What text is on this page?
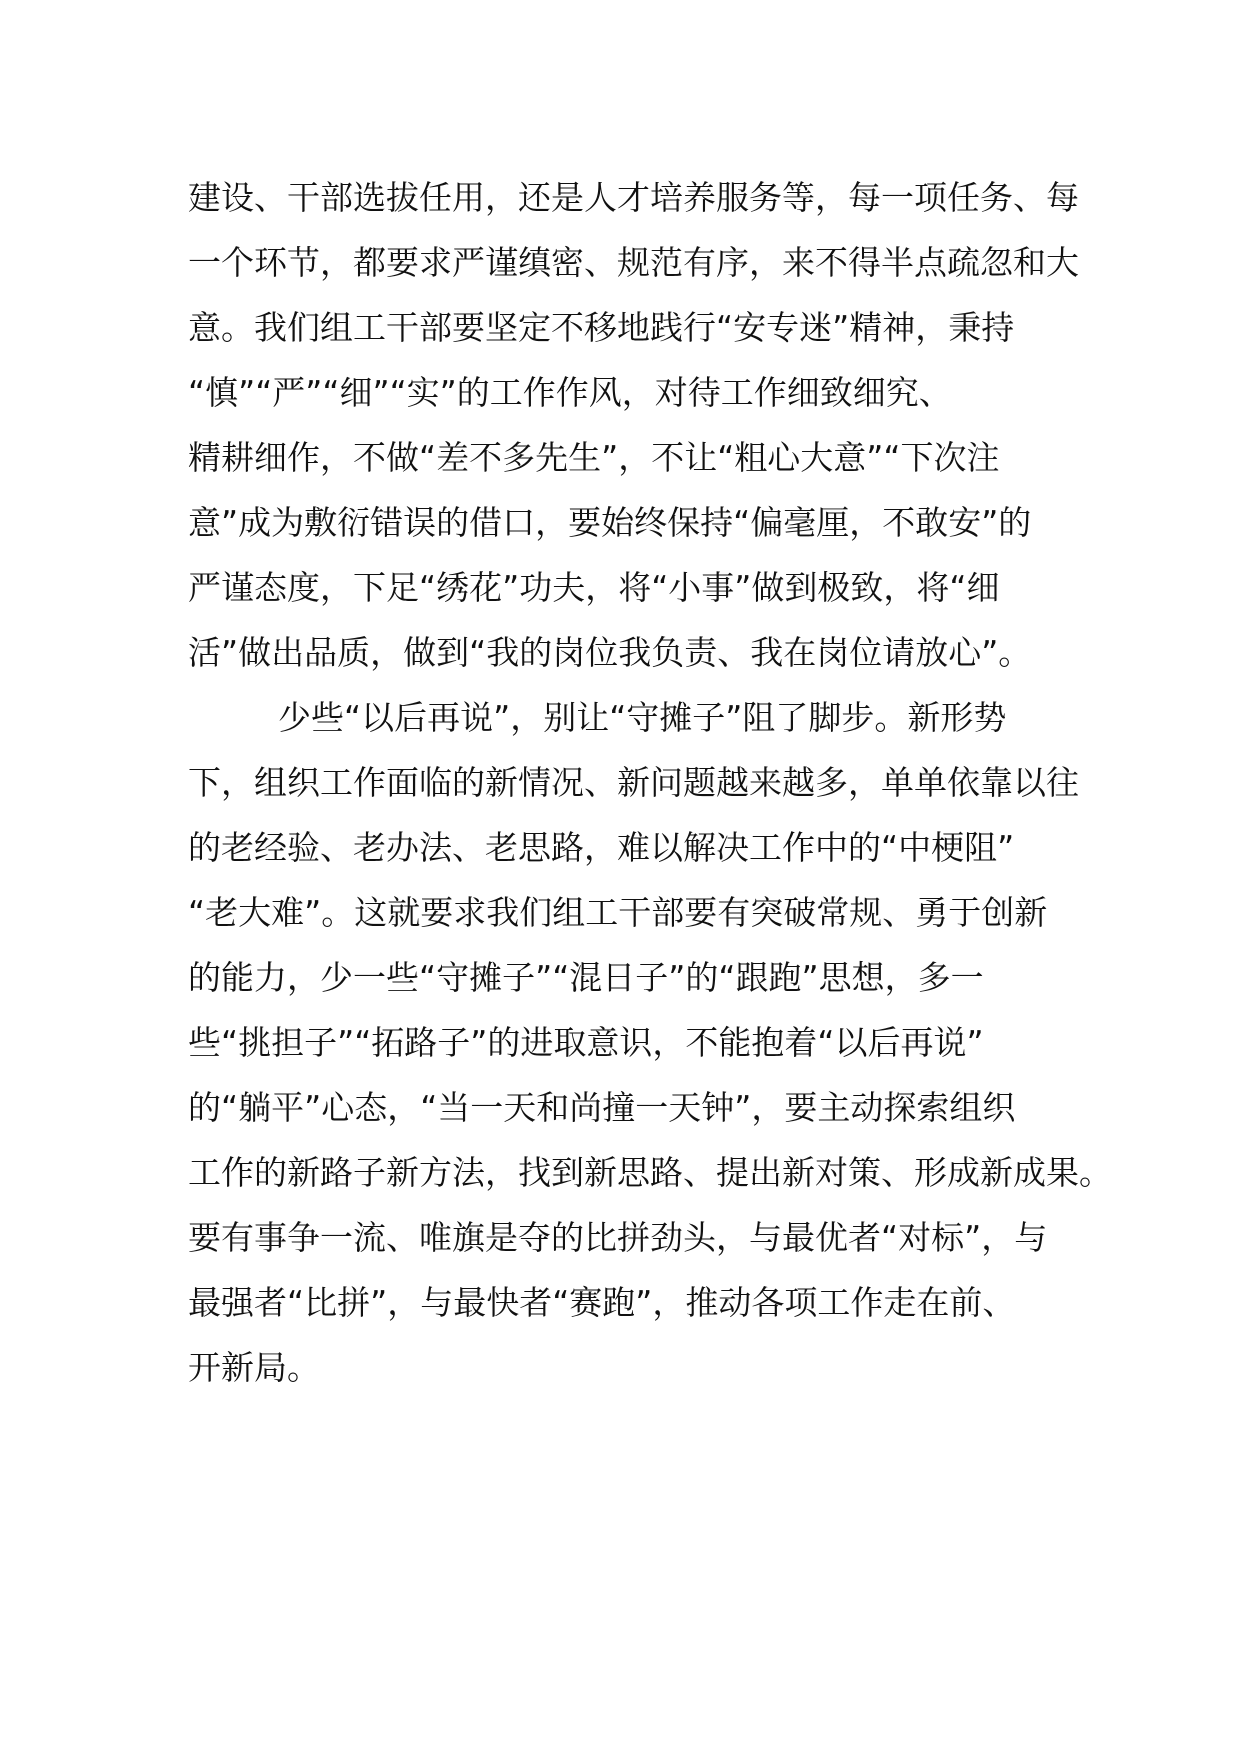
建设、干部选拔任用，还是人才培养服务等，每一项任务、每
一个环节，都要求严谨缜密、规范有序，来不得半点疏忽和大
意。我们组工干部要坚定不移地践行“安专迷”精神，秉持
“慎”“严”“细”“实”的工作作风，对待工作细致细究、
精耕细作，不做“差不多先生”，不让“粗心大意”“下次注
意”成为敷衍错误的借口，要始终保持“偏毫厘，不敢安”的
严谨态度，下足“绣花”功夫，将“小事”做到极致，将“细
活”做出品质，做到“我的岗位我负责、我在岗位请放心”。
少些“以后再说”，别让“守摊子”阻了脚步。新形势
下，组织工作面临的新情况、新问题越来越多，单单依靠以往
的老经验、老办法、老思路，难以解决工作中的“中梗阻”
“老大难”。这就要求我们组工干部要有突破常规、勇于创新
的能力，少一些“守摊子”“混日子”的“跟跑”思想，多一
些“挑担子”“拓路子”的进取意识，不能抱着“以后再说”
的“躺平”心态，“当一天和尚撞一天钟”，要主动探索组织
工作的新路子新方法，找到新思路、提出新对策、形成新成果。
要有事争一流、唯旗是夺的比拼劲头，与最优者“对标”，与
最强者“比拼”，与最快者“赛跑”，推动各项工作走在前、
开新局。
